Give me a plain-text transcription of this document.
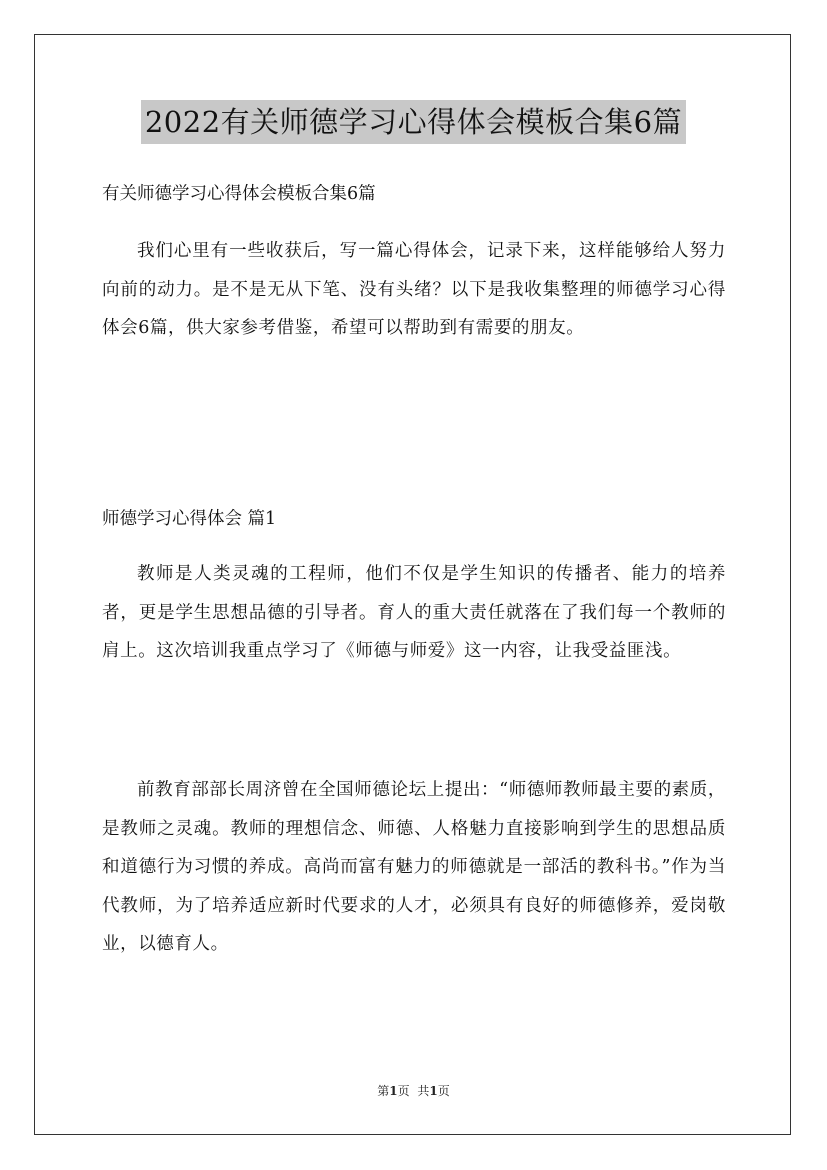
2022有关师德学习心得体会模板合集6篇
有关师德学习心得体会模板合集6篇
我们心里有一些收获后，写一篇心得体会，记录下来，这样能够给人努力向前的动力。是不是无从下笔、没有头绪？以下是我收集整理的师德学习心得体会6篇，供大家参考借鉴，希望可以帮助到有需要的朋友。
师德学习心得体会 篇1
教师是人类灵魂的工程师，他们不仅是学生知识的传播者、能力的培养者，更是学生思想品德的引导者。育人的重大责任就落在了我们每一个教师的肩上。这次培训我重点学习了《师德与师爱》这一内容，让我受益匪浅。
前教育部部长周济曾在全国师德论坛上提出：“师德师教师最主要的素质，是教师之灵魂。教师的理想信念、师德、人格魅力直接影响到学生的思想品质和道德行为习惯的养成。高尚而富有魅力的师德就是一部活的教科书。”作为当代教师，为了培养适应新时代要求的人才，必须具有良好的师德修养，爱岗敬业，以德育人。
第1页 共1页
